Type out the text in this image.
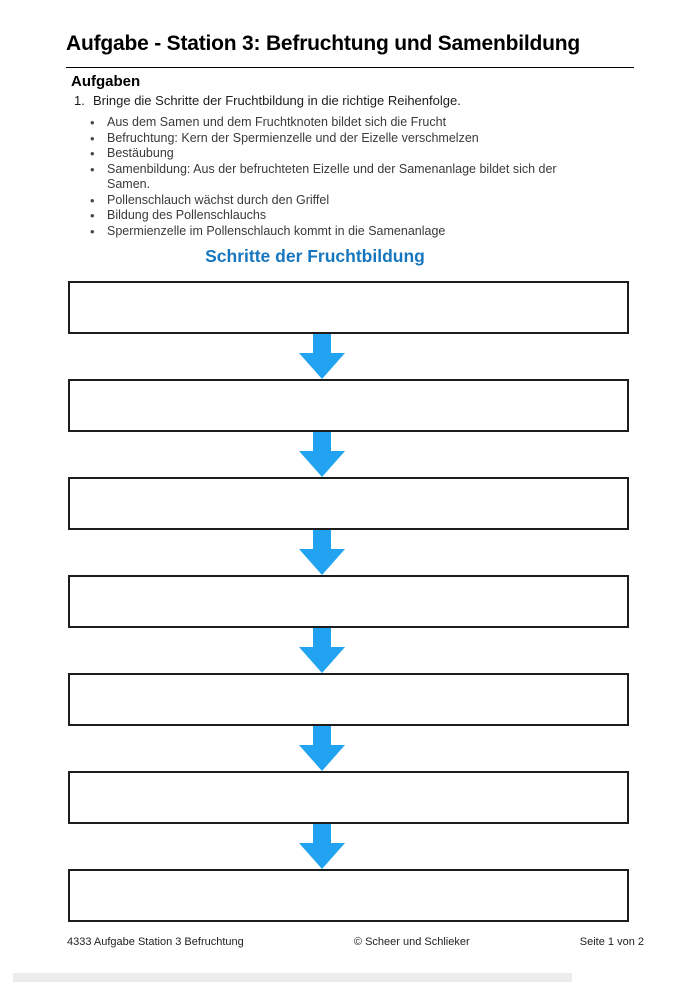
Aufgabe - Station 3: Befruchtung und Samenbildung
Aufgaben
1. Bringe die Schritte der Fruchtbildung in die richtige Reihenfolge.
• Aus dem Samen und dem Fruchtknoten bildet sich die Frucht
• Befruchtung: Kern der Spermienzelle und der Eizelle verschmelzen
• Bestäubung
• Samenbildung: Aus der befruchteten Eizelle und der Samenanlage bildet sich der Samen.
• Pollenschlauch wächst durch den Griffel
• Bildung des Pollenschlauchs
• Spermienzelle im Pollenschlauch kommt in die Samenanlage
Schritte der Fruchtbildung
4333 Aufgabe Station 3 Befruchtung	© Scheer und Schlieker	Seite 1 von 2
